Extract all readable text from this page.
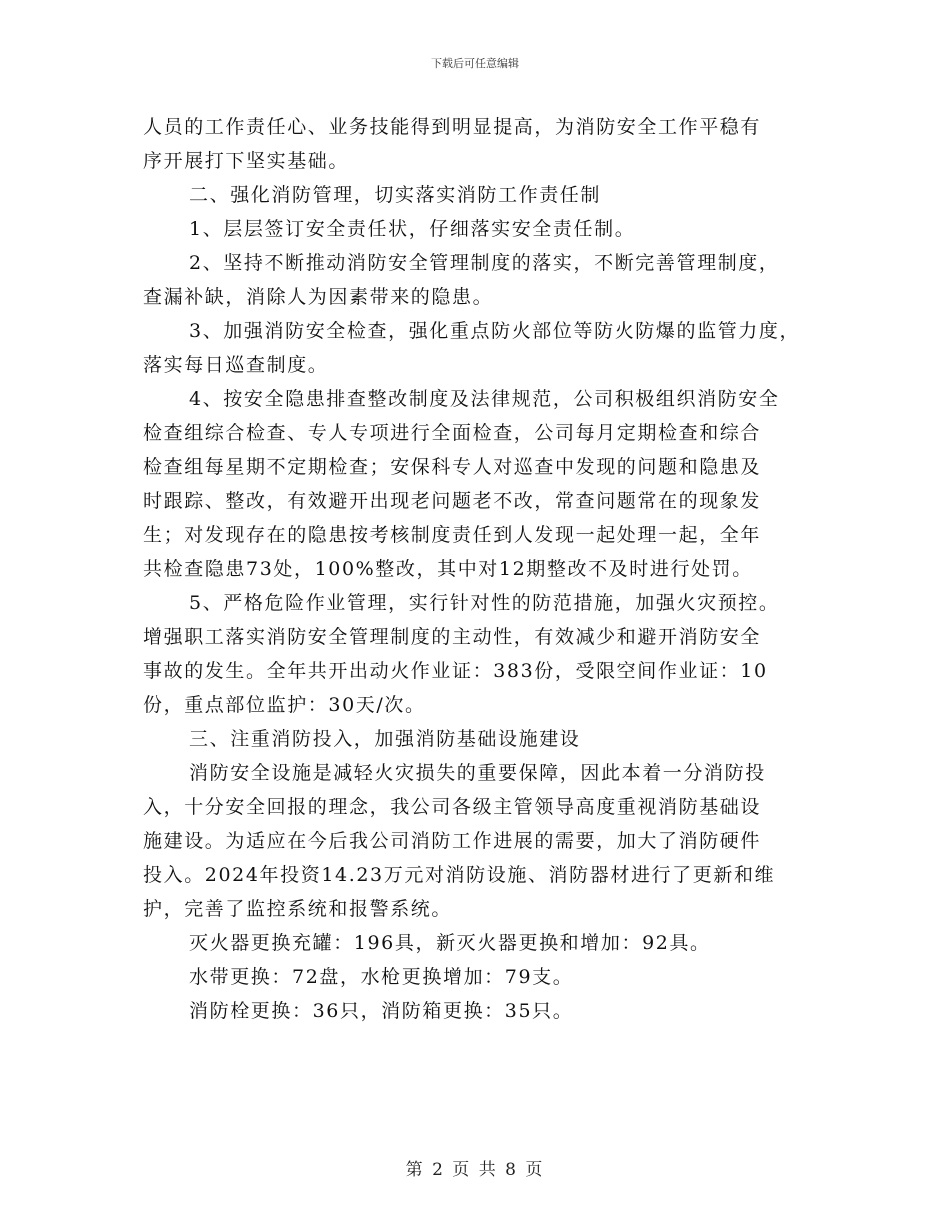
下载后可任意编辑
人员的工作责任心、业务技能得到明显提高，为消防安全工作平稳有
序开展打下坚实基础。
二、强化消防管理，切实落实消防工作责任制
1、层层签订安全责任状，仔细落实安全责任制。
2、坚持不断推动消防安全管理制度的落实，不断完善管理制度，
查漏补缺，消除人为因素带来的隐患。
3、加强消防安全检查，强化重点防火部位等防火防爆的监管力度，
落实每日巡查制度。
4、按安全隐患排查整改制度及法律规范，公司积极组织消防安全
检查组综合检查、专人专项进行全面检查，公司每月定期检查和综合
检查组每星期不定期检查；安保科专人对巡查中发现的问题和隐患及
时跟踪、整改，有效避开出现老问题老不改，常查问题常在的现象发
生；对发现存在的隐患按考核制度责任到人发现一起处理一起，全年
共检查隐患73处，100%整改，其中对12期整改不及时进行处罚。
5、严格危险作业管理，实行针对性的防范措施，加强火灾预控。
增强职工落实消防安全管理制度的主动性，有效减少和避开消防安全
事故的发生。全年共开出动火作业证：383份，受限空间作业证：10
份，重点部位监护：30天/次。
三、注重消防投入，加强消防基础设施建设
消防安全设施是减轻火灾损失的重要保障，因此本着一分消防投
入，十分安全回报的理念，我公司各级主管领导高度重视消防基础设
施建设。为适应在今后我公司消防工作进展的需要，加大了消防硬件
投入。2024年投资14.23万元对消防设施、消防器材进行了更新和维
护，完善了监控系统和报警系统。
灭火器更换充罐：196具，新灭火器更换和增加：92具。
水带更换：72盘，水枪更换增加：79支。
消防栓更换：36只，消防箱更换：35只。
第 2 页 共 8 页
